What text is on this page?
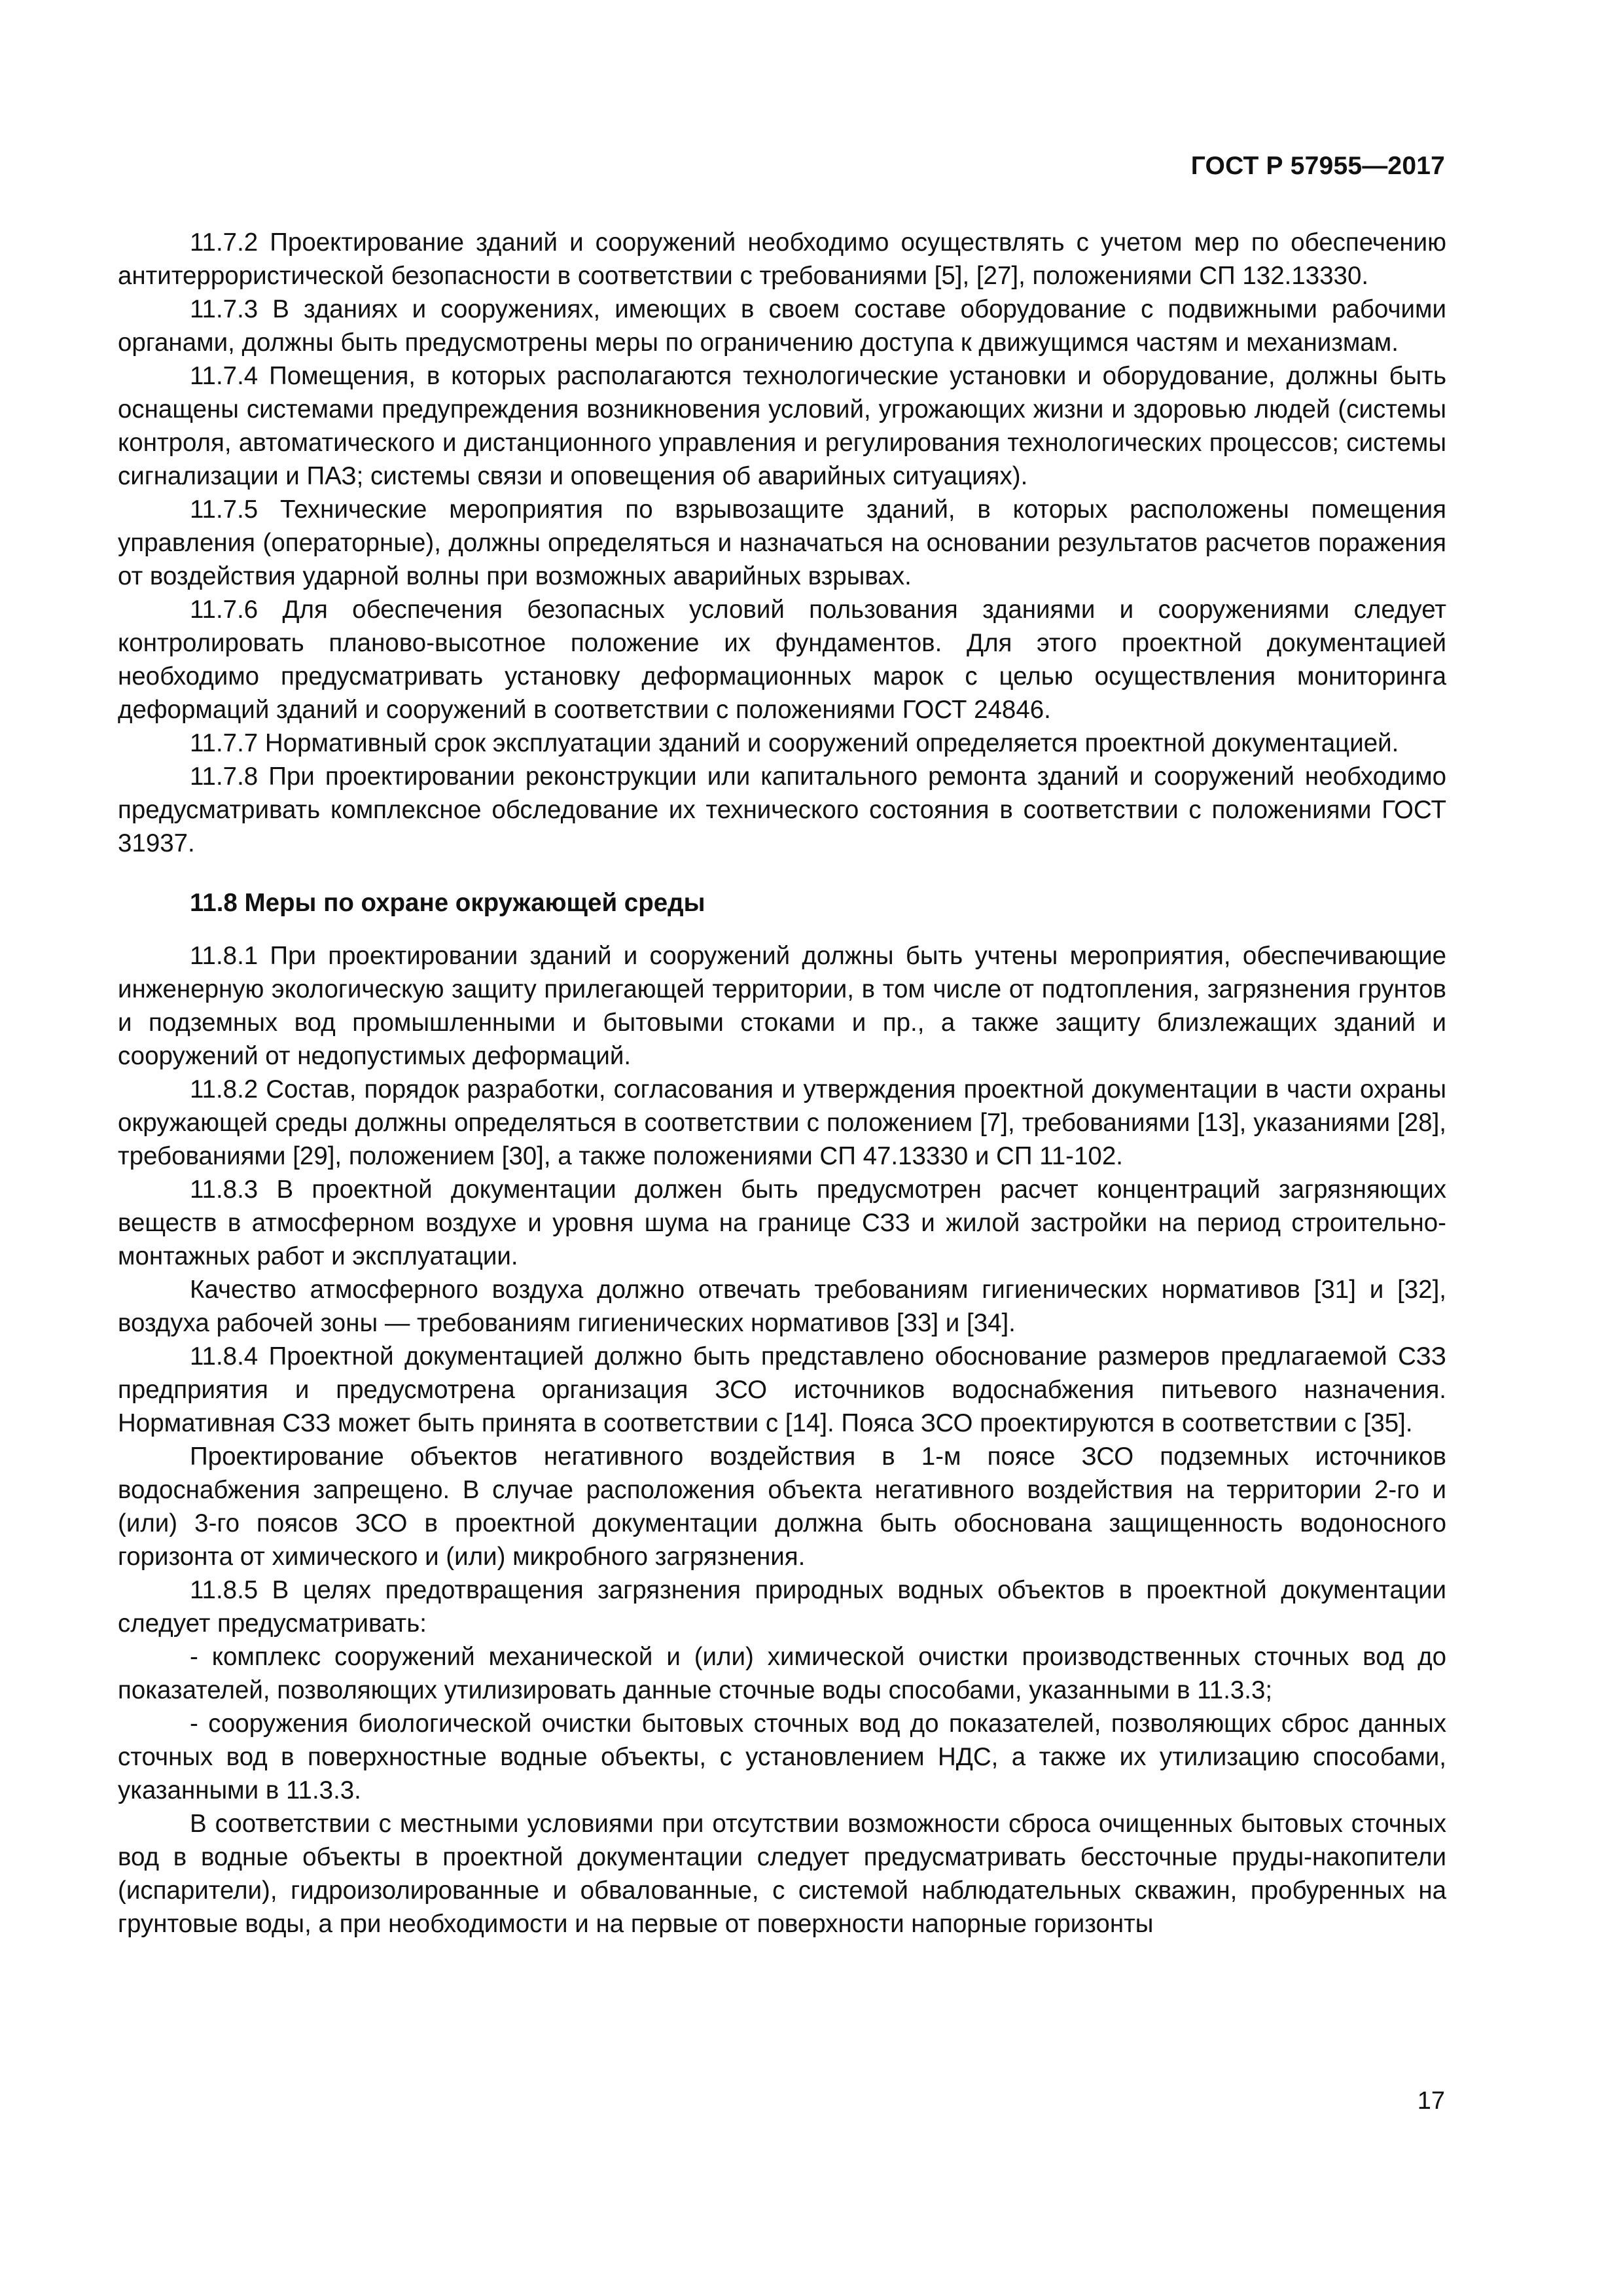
ГОСТ Р 57955—2017

11.7.2 Проектирование зданий и сооружений необходимо осуществлять с учетом мер по обеспечению антитеррористической безопасности в соответствии с требованиями [5], [27], положениями СП 132.13330.

11.7.3 В зданиях и сооружениях, имеющих в своем составе оборудование с подвижными рабочими органами, должны быть предусмотрены меры по ограничению доступа к движущимся частям и механизмам.

11.7.4 Помещения, в которых располагаются технологические установки и оборудование, должны быть оснащены системами предупреждения возникновения условий, угрожающих жизни и здоровью людей (системы контроля, автоматического и дистанционного управления и регулирования технологических процессов; системы сигнализации и ПАЗ; системы связи и оповещения об аварийных ситуациях).

11.7.5 Технические мероприятия по взрывозащите зданий, в которых расположены помещения управления (операторные), должны определяться и назначаться на основании результатов расчетов поражения от воздействия ударной волны при возможных аварийных взрывах.

11.7.6 Для обеспечения безопасных условий пользования зданиями и сооружениями следует контролировать планово-высотное положение их фундаментов. Для этого проектной документацией необходимо предусматривать установку деформационных марок с целью осуществления мониторинга деформаций зданий и сооружений в соответствии с положениями ГОСТ 24846.

11.7.7 Нормативный срок эксплуатации зданий и сооружений определяется проектной документацией.

11.7.8 При проектировании реконструкции или капитального ремонта зданий и сооружений необходимо предусматривать комплексное обследование их технического состояния в соответствии с положениями ГОСТ 31937.

11.8 Меры по охране окружающей среды

11.8.1 При проектировании зданий и сооружений должны быть учтены мероприятия, обеспечивающие инженерную экологическую защиту прилегающей территории, в том числе от подтопления, загрязнения грунтов и подземных вод промышленными и бытовыми стоками и пр., а также защиту близлежащих зданий и сооружений от недопустимых деформаций.

11.8.2 Состав, порядок разработки, согласования и утверждения проектной документации в части охраны окружающей среды должны определяться в соответствии с положением [7], требованиями [13], указаниями [28], требованиями [29], положением [30], а также положениями СП 47.13330 и СП 11-102.

11.8.3 В проектной документации должен быть предусмотрен расчет концентраций загрязняющих веществ в атмосферном воздухе и уровня шума на границе СЗЗ и жилой застройки на период строительно-монтажных работ и эксплуатации.

Качество атмосферного воздуха должно отвечать требованиям гигиенических нормативов [31] и [32], воздуха рабочей зоны — требованиям гигиенических нормативов [33] и [34].

11.8.4 Проектной документацией должно быть представлено обоснование размеров предлагаемой СЗЗ предприятия и предусмотрена организация ЗСО источников водоснабжения питьевого назначения. Нормативная СЗЗ может быть принята в соответствии с [14]. Пояса ЗСО проектируются в соответствии с [35].

Проектирование объектов негативного воздействия в 1-м поясе ЗСО подземных источников водоснабжения запрещено. В случае расположения объекта негативного воздействия на территории 2-го и (или) 3-го поясов ЗСО в проектной документации должна быть обоснована защищенность водоносного горизонта от химического и (или) микробного загрязнения.

11.8.5 В целях предотвращения загрязнения природных водных объектов в проектной документации следует предусматривать:

- комплекс сооружений механической и (или) химической очистки производственных сточных вод до показателей, позволяющих утилизировать данные сточные воды способами, указанными в 11.3.3;

- сооружения биологической очистки бытовых сточных вод до показателей, позволяющих сброс данных сточных вод в поверхностные водные объекты, с установлением НДС, а также их утилизацию способами, указанными в 11.3.3.

В соответствии с местными условиями при отсутствии возможности сброса очищенных бытовых сточных вод в водные объекты в проектной документации следует предусматривать бессточные пруды-накопители (испарители), гидроизолированные и обвалованные, с системой наблюдательных скважин, пробуренных на грунтовые воды, а при необходимости и на первые от поверхности напорные горизонты

17
